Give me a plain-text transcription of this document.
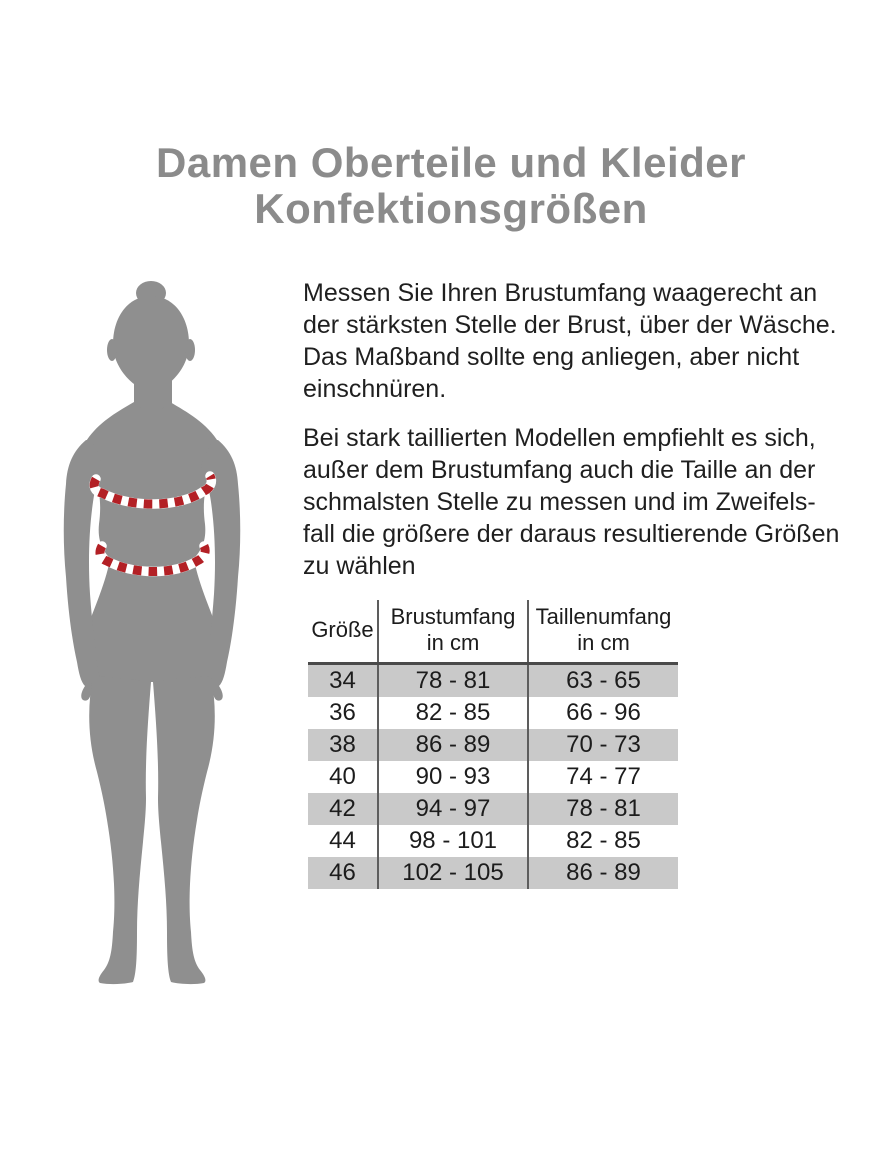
Damen Oberteile und Kleider
Konfektionsgrößen
Messen Sie Ihren Brustumfang waagerecht an
der stärksten Stelle der Brust, über der Wäsche.
Das Maßband sollte eng anliegen, aber nicht
einschnüren.
Bei stark taillierten Modellen empfiehlt es sich,
außer dem Brustumfang auch die Taille an der
schmalsten Stelle zu messen und im Zweifels-
fall die größere der daraus resultierende Größen
zu wählen
Größe

Brustumfang
in cm

Taillenumfang
in cm

34	78 - 81	63 - 65
36	82 - 85	66 - 96
38	86 - 89	70 - 73
40	90 - 93	74 - 77
42	94 - 97	78 - 81
44	98 - 101	82 - 85
46	102 - 105	86 - 89
